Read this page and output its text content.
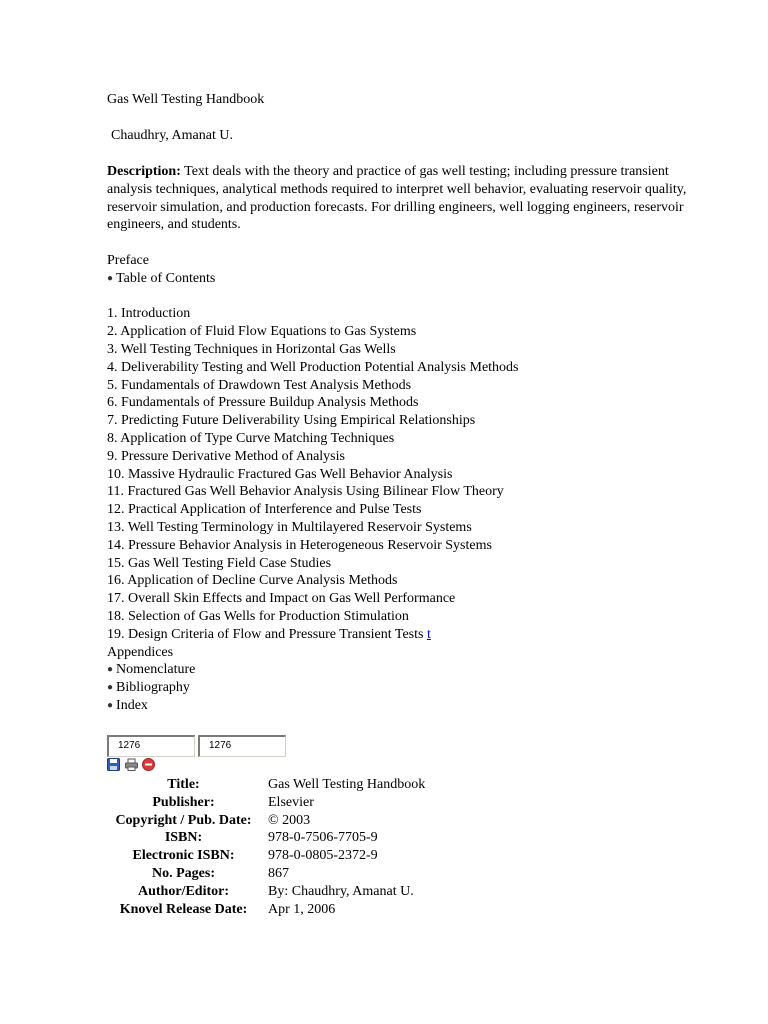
Gas Well Testing Handbook
Chaudhry, Amanat U.
Description: Text deals with the theory and practice of gas well testing; including pressure transient analysis techniques, analytical methods required to interpret well behavior, evaluating reservoir quality, reservoir simulation, and production forecasts. For drilling engineers, well logging engineers, reservoir engineers, and students.
Preface
● Table of Contents
1. Introduction
2. Application of Fluid Flow Equations to Gas Systems
3. Well Testing Techniques in Horizontal Gas Wells
4. Deliverability Testing and Well Production Potential Analysis Methods
5. Fundamentals of Drawdown Test Analysis Methods
6. Fundamentals of Pressure Buildup Analysis Methods
7. Predicting Future Deliverability Using Empirical Relationships
8. Application of Type Curve Matching Techniques
9. Pressure Derivative Method of Analysis
10. Massive Hydraulic Fractured Gas Well Behavior Analysis
11. Fractured Gas Well Behavior Analysis Using Bilinear Flow Theory
12. Practical Application of Interference and Pulse Tests
13. Well Testing Terminology in Multilayered Reservoir Systems
14. Pressure Behavior Analysis in Heterogeneous Reservoir Systems
15. Gas Well Testing Field Case Studies
16. Application of Decline Curve Analysis Methods
17. Overall Skin Effects and Impact on Gas Well Performance
18. Selection of Gas Wells for Production Stimulation
19. Design Criteria of Flow and Pressure Transient Tests t
Appendices
● Nomenclature
● Bibliography
● Index
1276	1276

Title:	Gas Well Testing Handbook
Publisher:	Elsevier
Copyright / Pub. Date:	© 2003
ISBN:	978-0-7506-7705-9
Electronic ISBN:	978-0-0805-2372-9
No. Pages:	867
Author/Editor:	By: Chaudhry, Amanat U.
Knovel Release Date:	Apr 1, 2006
